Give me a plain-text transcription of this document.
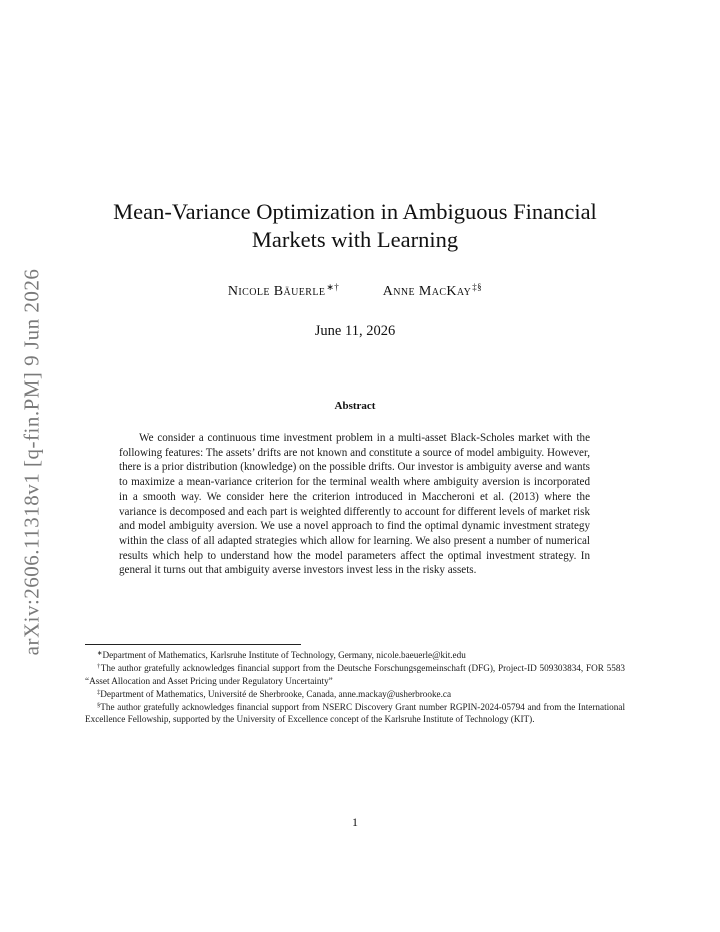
arXiv:2606.11318v1 [q-fin.PM] 9 Jun 2026
Mean-Variance Optimization in Ambiguous Financial
Markets with Learning
Nicole Bäuerle∗†	Anne MacKay‡§
June 11, 2026
Abstract

We consider a continuous time investment problem in a multi-asset Black-Scholes market with the following features: The assets’ drifts are not known and constitute a source of model ambiguity. However, there is a prior distribution (knowledge) on the possible drifts. Our investor is ambiguity averse and wants to maximize a mean-variance criterion for the terminal wealth where ambiguity aversion is incorporated in a smooth way. We consider here the criterion introduced in Maccheroni et al. (2013) where the variance is decomposed and each part is weighted differently to account for different levels of market risk and model ambiguity aversion. We use a novel approach to find the optimal dynamic investment strategy within the class of all adapted strategies which allow for learning. We also present a number of numerical results which help to understand how the model parameters affect the optimal investment strategy. In general it turns out that ambiguity averse investors invest less in the risky assets.

∗Department of Mathematics, Karlsruhe Institute of Technology, Germany, nicole.baeuerle@kit.edu

†The author gratefully acknowledges financial support from the Deutsche Forschungsgemeinschaft (DFG), Project-ID 509303834, FOR 5583 “Asset Allocation and Asset Pricing under Regulatory Uncertainty”

‡Department of Mathematics, Université de Sherbrooke, Canada, anne.mackay@usherbrooke.ca

§The author gratefully acknowledges financial support from NSERC Discovery Grant number RGPIN-2024-05794 and from the International Excellence Fellowship, supported by the University of Excellence concept of the Karlsruhe Institute of Technology (KIT).

1
